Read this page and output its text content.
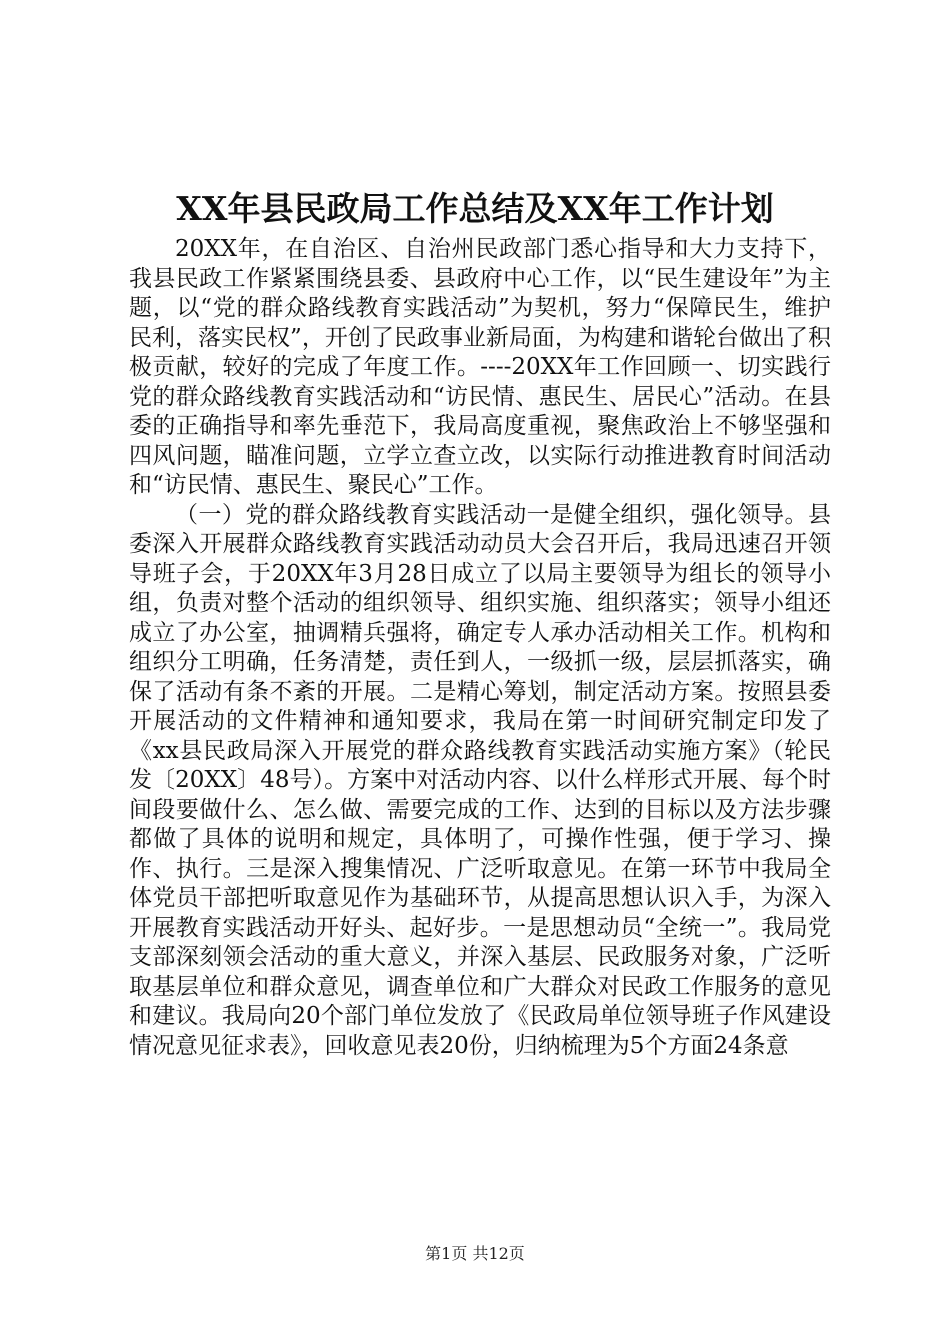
XX年县民政局工作总结及XX年工作计划

20XX年，在自治区、自治州民政部门悉心指导和大力支持下，我县民政工作紧紧围绕县委、县政府中心工作，以“民生建设年”为主题，以“党的群众路线教育实践活动”为契机，努力“保障民生，维护民利，落实民权”，开创了民政事业新局面，为构建和谐轮台做出了积极贡献，较好的完成了年度工作。----20XX年工作回顾一、切实践行党的群众路线教育实践活动和“访民情、惠民生、居民心”活动。在县委的正确指导和率先垂范下，我局高度重视，聚焦政治上不够坚强和四风问题，瞄准问题，立学立查立改，以实际行动推进教育时间活动和“访民情、惠民生、聚民心”工作。

（一）党的群众路线教育实践活动一是健全组织，强化领导。县委深入开展群众路线教育实践活动动员大会召开后，我局迅速召开领导班子会，于20XX年3月28日成立了以局主要领导为组长的领导小组，负责对整个活动的组织领导、组织实施、组织落实；领导小组还成立了办公室，抽调精兵强将，确定专人承办活动相关工作。机构和组织分工明确，任务清楚，责任到人，一级抓一级，层层抓落实，确保了活动有条不紊的开展。二是精心筹划，制定活动方案。按照县委开展活动的文件精神和通知要求，我局在第一时间研究制定印发了《xx县民政局深入开展党的群众路线教育实践活动实施方案》（轮民发〔20XX〕48号）。方案中对活动内容、以什么样形式开展、每个时间段要做什么、怎么做、需要完成的工作、达到的目标以及方法步骤都做了具体的说明和规定，具体明了，可操作性强，便于学习、操作、执行。三是深入搜集情况、广泛听取意见。在第一环节中我局全体党员干部把听取意见作为基础环节，从提高思想认识入手，为深入开展教育实践活动开好头、起好步。一是思想动员“全统一”。我局党支部深刻领会活动的重大意义，并深入基层、民政服务对象，广泛听取基层单位和群众意见，调查单位和广大群众对民政工作服务的意见和建议。我局向20个部门单位发放了《民政局单位领导班子作风建设情况意见征求表》，回收意见表20份，归纳梳理为5个方面24条意

第1页 共12页
